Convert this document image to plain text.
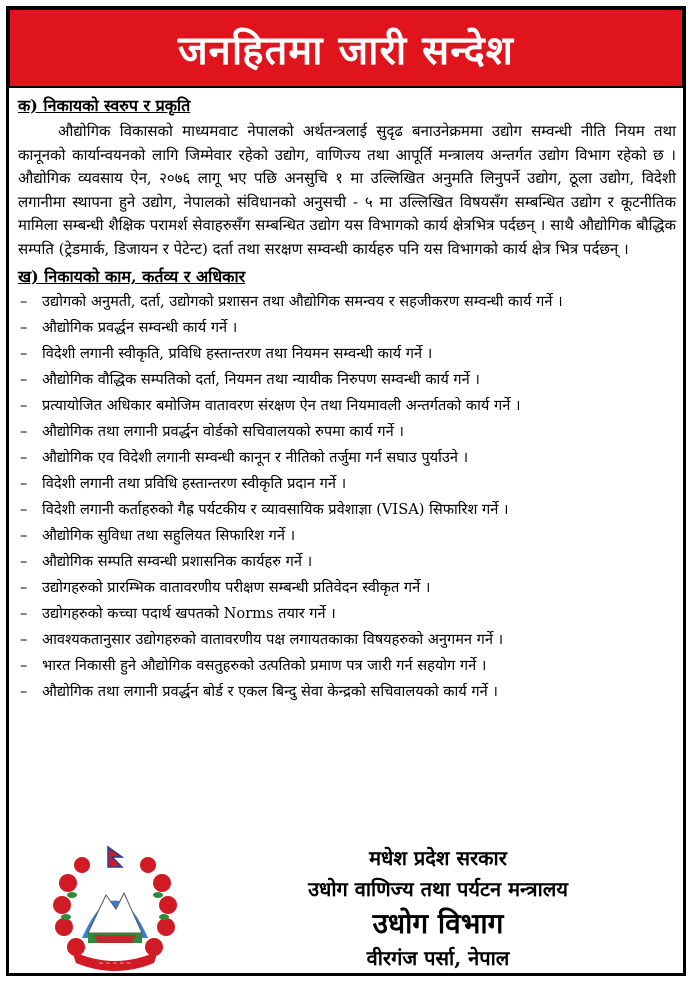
जनहितमा जारी सन्देश
क) निकायको स्वरुप र प्रकृति

औद्योगिक विकासको माध्यमवाट नेपालको अर्थतन्त्रलाई सुदृढ बनाउनेक्रममा उद्योग सम्वन्धी नीति नियम तथा कानूनको कार्यान्वयनको लागि जिम्मेवार रहेको उद्योग, वाणिज्य तथा आपूर्ति मन्त्रालय अन्तर्गत उद्योग विभाग रहेको छ । औद्योगिक व्यवसाय ऐन, २०७६ लागू भए पछि अनसुचि १ मा उल्लिखित अनुमति लिनुपर्ने उद्योग, ठूला उद्योग, विदेशी लगानीमा स्थापना हुने उद्योग, नेपालको संविधानको अनुसची - ५ मा उल्लिखित विषयसँग सम्बन्धित उद्योग र कूटनीतिक मामिला सम्बन्धी शैक्षिक परामर्श सेवाहरुसँग सम्बन्धित उद्योग यस विभागको कार्य क्षेत्रभित्र पर्दछन् । साथै औद्योगिक बौद्धिक सम्पति (ट्रेडमार्क, डिजायन र पेटेन्ट) दर्ता तथा सरक्षण सम्वन्धी कार्यहरु पनि यस विभागको कार्य क्षेत्र भित्र पर्दछन् ।

ख) निकायको काम, कर्तव्य र अधिकार
– उद्योगको अनुमती, दर्ता, उद्योगको प्रशासन तथा औद्योगिक समन्वय र सहजीकरण सम्वन्धी कार्य गर्ने ।
– औद्योगिक प्रवर्द्धन सम्वन्धी कार्य गर्ने ।
– विदेशी लगानी स्वीकृति, प्रविधि हस्तान्तरण तथा नियमन सम्वन्धी कार्य गर्ने ।
– औद्योगिक वौद्धिक सम्पतिको दर्ता, नियमन तथा न्यायीक निरुपण सम्वन्धी कार्य गर्ने ।
– प्रत्यायोजित अधिकार बमोजिम वातावरण संरक्षण ऐन तथा नियमावली अन्तर्गतको कार्य गर्ने ।
– औद्योगिक तथा लगानी प्रवर्द्धन वोर्डको सचिवालयको रुपमा कार्य गर्ने ।
– औद्योगिक एव विदेशी लगानी सम्वन्धी कानून र नीतिको तर्जुमा गर्न सघाउ पुर्याउने ।
– विदेशी लगानी तथा प्रविधि हस्तान्तरण स्वीकृति प्रदान गर्ने ।
– विदेशी लगानी कर्ताहरुको गैह्र पर्यटकीय र व्यावसायिक प्रवेशाज्ञा (VISA) सिफारिश गर्ने ।
– औद्योगिक सुविधा तथा सहुलियत सिफारिश गर्ने ।
– औद्योगिक सम्पति सम्वन्धी प्रशासनिक कार्यहरु गर्ने ।
– उद्योगहरुको प्रारम्भिक वातावरणीय परीक्षण सम्बन्धी प्रतिवेदन स्वीकृत गर्ने ।
– उद्योगहरुको कच्चा पदार्थ खपतको Norms तयार गर्ने ।
– आवश्यकतानुसार उद्योगहरुको वातावरणीय पक्ष लगायतकाका विषयहरुको अनुगमन गर्ने ।
– भारत निकासी हुने औद्योगिक वसतुहरुको उत्पतिको प्रमाण पत्र जारी गर्न सहयोग गर्ने ।
– औद्योगिक तथा लगानी प्रवर्द्धन बोर्ड र एकल बिन्दु सेवा केन्द्रको सचिवालयको कार्य गर्ने ।
~ ~ ~ ~ ~
मधेश प्रदेश सरकार
उधोग वाणिज्य तथा पर्यटन मन्त्रालय
उधोग विभाग
वीरगंज पर्सा, नेपाल
